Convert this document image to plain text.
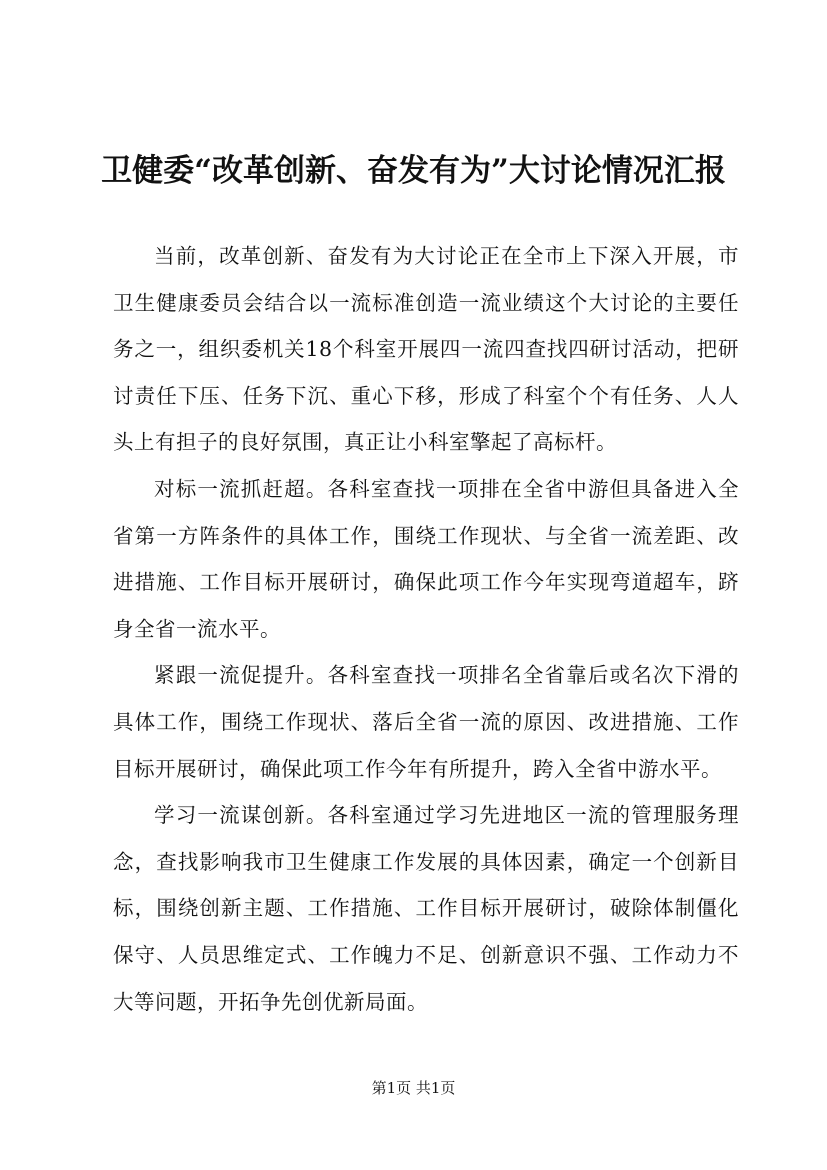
卫健委“改革创新、奋发有为”大讨论情况汇报

当前，改革创新、奋发有为大讨论正在全市上下深入开展，市卫生健康委员会结合以一流标准创造一流业绩这个大讨论的主要任务之一，组织委机关18个科室开展四一流四查找四研讨活动，把研讨责任下压、任务下沉、重心下移，形成了科室个个有任务、人人头上有担子的良好氛围，真正让小科室擎起了高标杆。

对标一流抓赶超。各科室查找一项排在全省中游但具备进入全省第一方阵条件的具体工作，围绕工作现状、与全省一流差距、改进措施、工作目标开展研讨，确保此项工作今年实现弯道超车，跻身全省一流水平。

紧跟一流促提升。各科室查找一项排名全省靠后或名次下滑的具体工作，围绕工作现状、落后全省一流的原因、改进措施、工作目标开展研讨，确保此项工作今年有所提升，跨入全省中游水平。

学习一流谋创新。各科室通过学习先进地区一流的管理服务理念，查找影响我市卫生健康工作发展的具体因素，确定一个创新目标，围绕创新主题、工作措施、工作目标开展研讨，破除体制僵化保守、人员思维定式、工作魄力不足、创新意识不强、工作动力不大等问题，开拓争先创优新局面。

第1页 共1页
